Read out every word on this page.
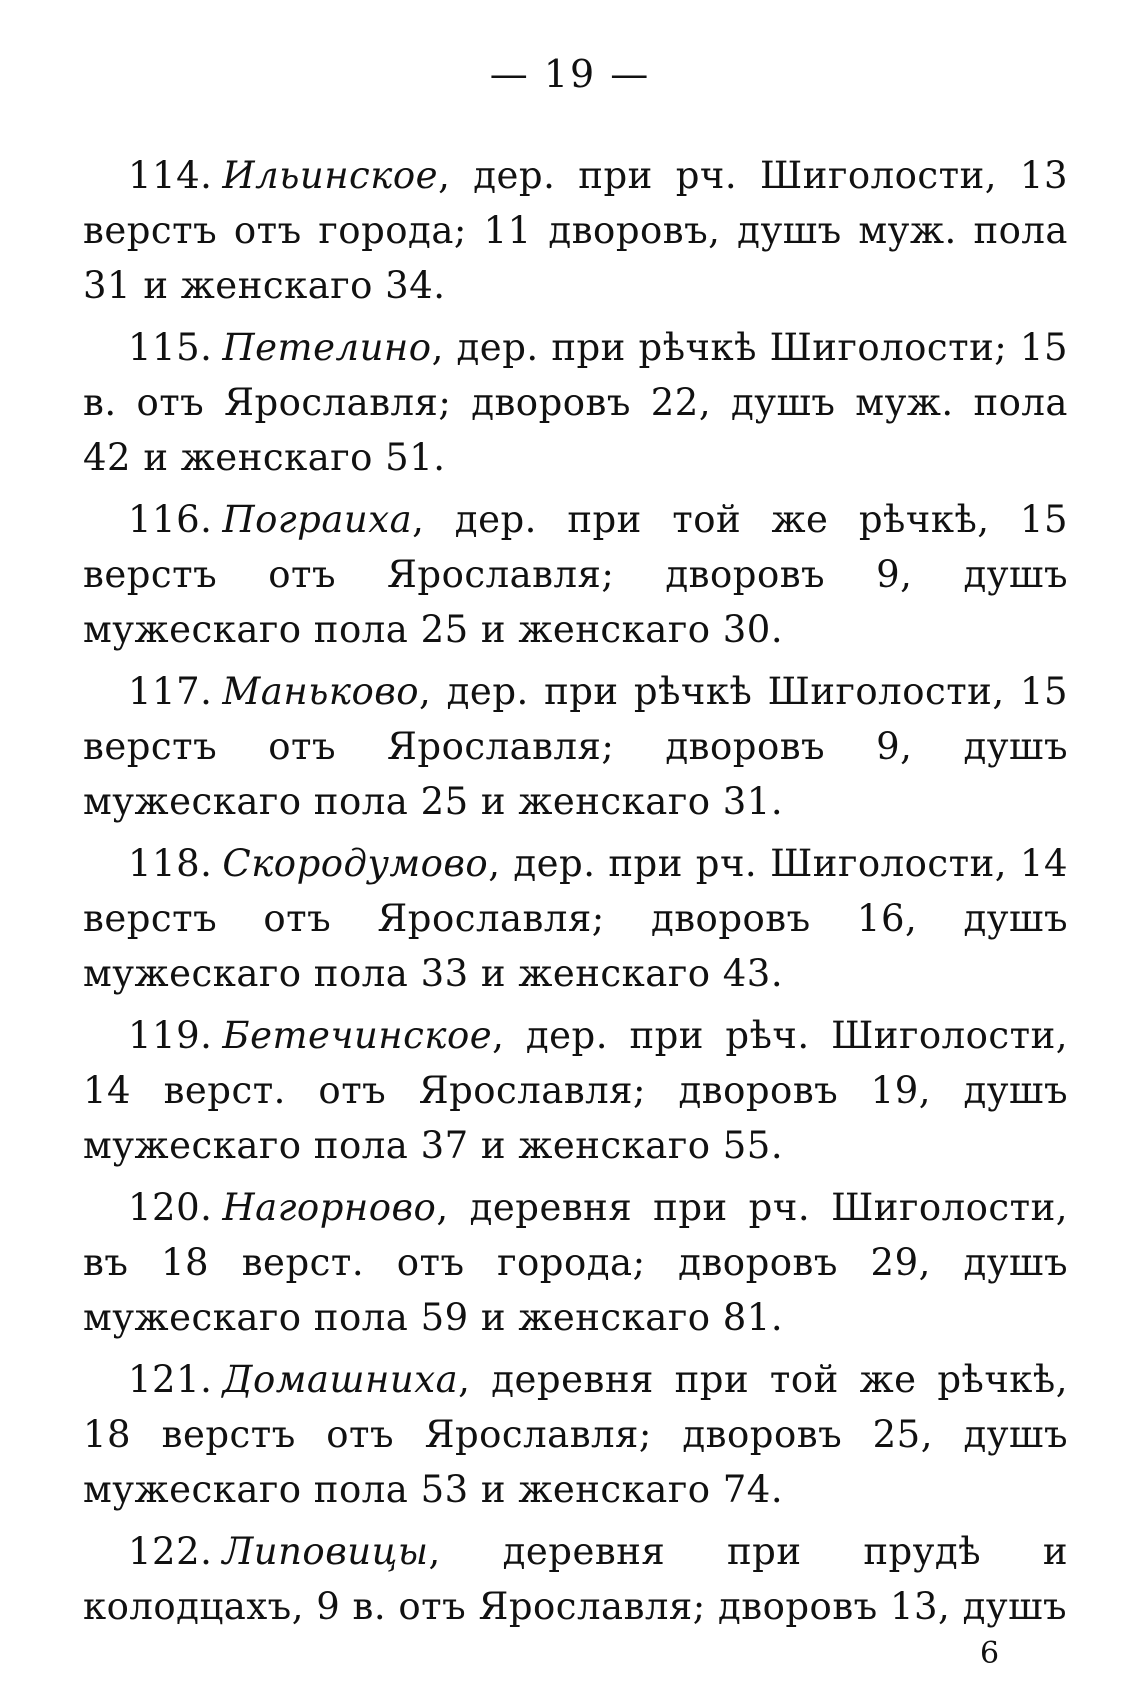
— 19 —

114. Ильинское, дер. при рч. Шиголости, 13 верстъ отъ города; 11 дворовъ, душъ муж. пола 31 и женскаго 34.

115. Петелино, дер. при рѣчкѣ Шиголости; 15 в. отъ Ярославля; дворовъ 22, душъ муж. пола 42 и женскаго 51.

116. Пограиха, дер. при той же рѣчкѣ, 15 верстъ отъ Ярославля; дворовъ 9, душъ мужескаго пола 25 и женскаго 30.

117. Маньково, дер. при рѣчкѣ Шиголости, 15 верстъ отъ Ярославля; дворовъ 9, душъ мужескаго пола 25 и женскаго 31.

118. Скородумово, дер. при рч. Шиголости, 14 верстъ отъ Ярославля; дворовъ 16, душъ мужескаго пола 33 и женскаго 43.

119. Бетечинское, дер. при рѣч. Шиголости, 14 верст. отъ Ярославля; дворовъ 19, душъ мужескаго пола 37 и женскаго 55.

120. Нагорново, деревня при рч. Шиголости, въ 18 верст. отъ города; дворовъ 29, душъ мужескаго пола 59 и женскаго 81.

121. Домашниха, деревня при той же рѣчкѣ, 18 верстъ отъ Ярославля; дворовъ 25, душъ мужескаго пола 53 и женскаго 74.

122. Липовицы, деревня при прудѣ и колодцахъ, 9 в. отъ Ярославля; дворовъ 13, душъ

6
